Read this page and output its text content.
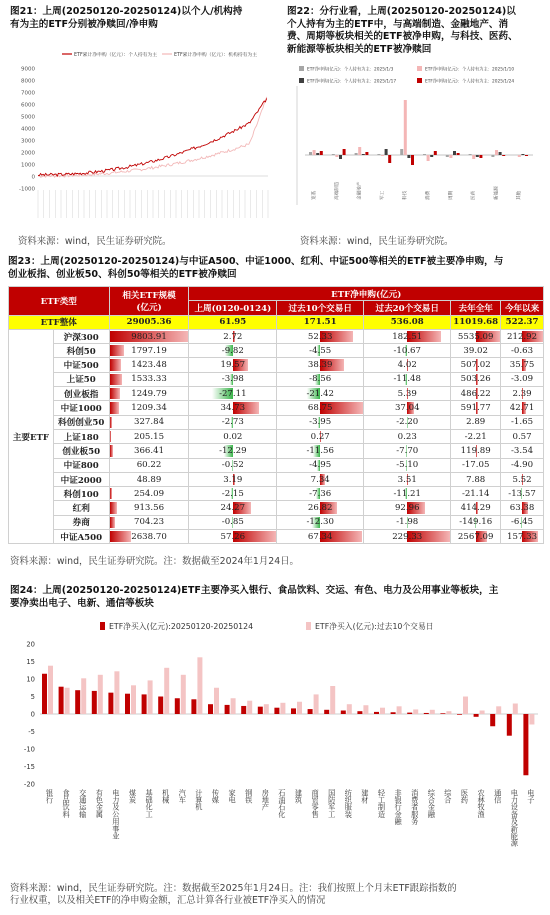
图21：上周(20250120-20250124)以个人/机构持
有为主的ETF分别被净赎回/净申购
9000
8000
7000
6000
5000
4000
3000
2000
1000
0
-1000
ETF累计净申购（亿元）：个人持有为主	ETF累计净申购（亿元）：机构持有为主
资料来源：wind，民生证券研究院。
图22：分行业看，上周(20250120-20250124)以
个人持有为主的ETF中，与高端制造、金融地产、消
费、周期等板块相关的ETF被净申购，与科技、医药、
新能源等板块相关的ETF被净赎回
ETF净申购(亿元)：个人持有为主：2025/1/3	ETF净申购(亿元)：个人持有为主：2025/1/10
ETF净申购(亿元)：个人持有为主：2025/1/17	ETF净申购(亿元)：个人持有为主：2025/1/24
宽基	高端制造	金融地产	军工	科技	消费	周期	医药	新能源	其他
资料来源：wind，民生证券研究院。
图23：上周(20250120-20250124)与中证A500、中证1000、红利、中证500等相关的ETF被主要净申购，与
创业板指、创业板50、科创50等相关的ETF被净赎回
ETF类型		相关ETF规模
(亿元)	ETF净申购(亿元)				
			上周(0120-0124)	过去10个交易日	过去20个交易日	去年全年	今年以来
ETF整体		29005.36	61.95	171.51	536.08	11019.68	522.37
主要ETF	沪深300	9803.91	2.72	52.33	182.51	5535.09	212.92
	科创50	1797.19	-9.82	-4.55	-10.67	39.02	-0.63
	中证500	1423.48	19.57	38.39	4.02	507.02	35.75
	上证50	1533.33	-3.98	-8.56	-11.48	503.26	-3.09
	创业板指	1249.79	-27.11	-21.42	5.39	486.22	2.39
	中证1000	1209.34	34.73	68.75	37.04	591.77	42.71
	科创创业50	327.84	-2.73	-3.95	-2.20	2.89	-1.65
	上证180	205.15	0.02	0.27	0.23	-2.21	0.57
	创业板50	366.41	-12.29	-11.56	-7.70	119.89	-3.54
	中证800	60.22	-0.52	-4.95	-5.10	-17.05	-4.90
	中证2000	48.89	3.19	7.34	3.51	7.88	5.52
	科创100	254.09	-2.15	-7.36	-11.21	-21.14	-13.57
	红利	913.56	24.27	26.82	92.96	414.29	63.38
	券商	704.23	-0.85	-12.30	-1.98	-149.16	-6.45
	中证A500	2638.70	57.26	67.34	229.33	2567.09	157.33
资料来源：wind，民生证券研究院。注：数据截至2024年1月24日。
图24：上周(20250120-20250124)ETF主要净买入银行、食品饮料、交运、有色、电力及公用事业等板块，主
要净卖出电子、电新、通信等板块
ETF净买入(亿元):20250120-20250124	ETF净买入(亿元):过去10个交易日
20
15
10
5
0
-5
-10
-15
-20
银行 食品饮料 交通运输 有色金属 电力及公用事业 煤炭 基础化工 机械 汽车 计算机 传媒 家电 钢铁 房地产 石油石化 建筑 商贸零售 国防军工 纺织服装 建材 轻工制造 非银行金融 消费者服务 综合金融 综合 医药 农林牧渔 通信 电力设备及新能源 电子
资料来源：wind，民生证券研究院。注：数据截至2025年1月24日。注：我们按照上个月末ETF跟踪指数的
行业权重，以及相关ETF的净申购金额，汇总计算各行业被ETF净买入的情况
